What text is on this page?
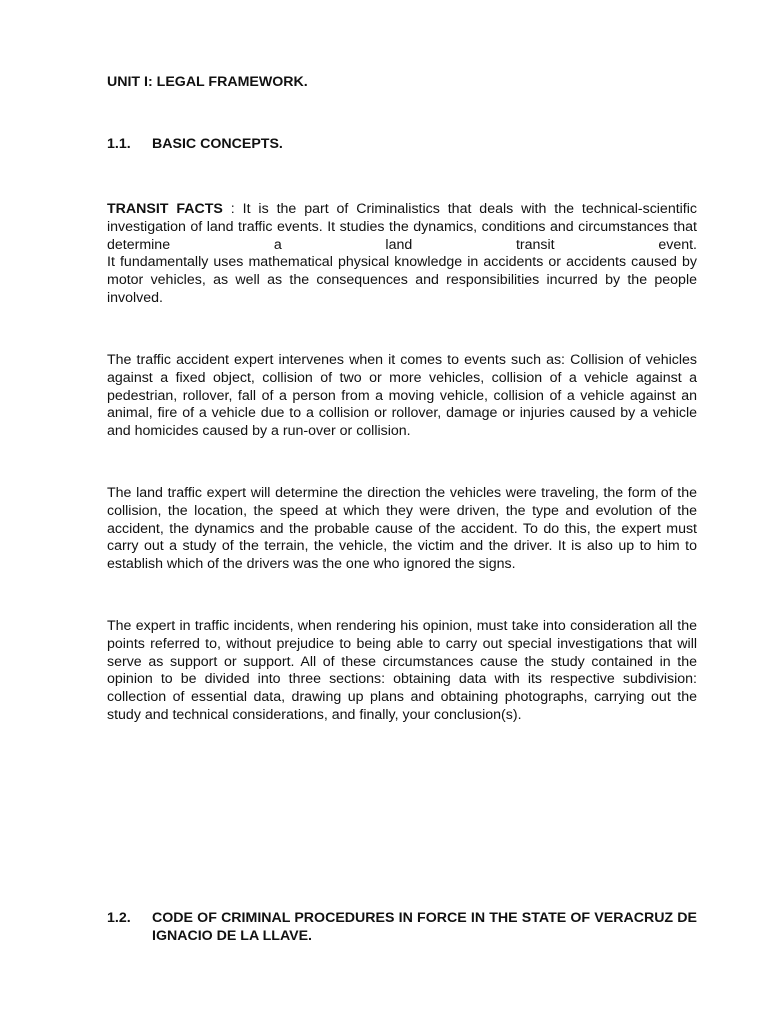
UNIT I: LEGAL FRAMEWORK.
1.1.	BASIC CONCEPTS.
TRANSIT FACTS : It is the part of Criminalistics that deals with the technical-scientific investigation of land traffic events. It studies the dynamics, conditions and circumstances that determine a land transit event.
It fundamentally uses mathematical physical knowledge in accidents or accidents caused by motor vehicles, as well as the consequences and responsibilities incurred by the people involved.
The traffic accident expert intervenes when it comes to events such as: Collision of vehicles against a fixed object, collision of two or more vehicles, collision of a vehicle against a pedestrian, rollover, fall of a person from a moving vehicle, collision of a vehicle against an animal, fire of a vehicle due to a collision or rollover, damage or injuries caused by a vehicle and homicides caused by a run-over or collision.
The land traffic expert will determine the direction the vehicles were traveling, the form of the collision, the location, the speed at which they were driven, the type and evolution of the accident, the dynamics and the probable cause of the accident. To do this, the expert must carry out a study of the terrain, the vehicle, the victim and the driver. It is also up to him to establish which of the drivers was the one who ignored the signs.
The expert in traffic incidents, when rendering his opinion, must take into consideration all the points referred to, without prejudice to being able to carry out special investigations that will serve as support or support. All of these circumstances cause the study contained in the opinion to be divided into three sections: obtaining data with its respective subdivision: collection of essential data, drawing up plans and obtaining photographs, carrying out the study and technical considerations, and finally, your conclusion(s).
1.2.	CODE OF CRIMINAL PROCEDURES IN FORCE IN THE STATE OF VERACRUZ DE IGNACIO DE LA LLAVE.
